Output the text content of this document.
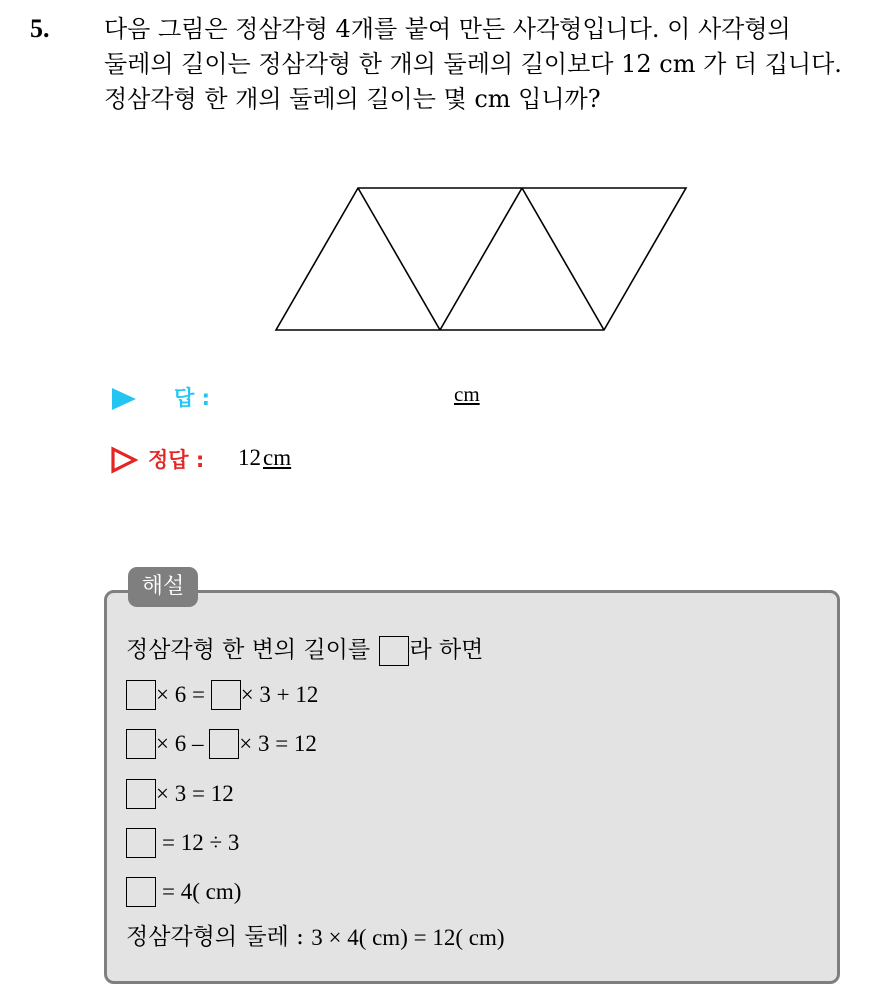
5. 다음 그림은 정삼각형 4개를 붙여 만든 사각형입니다. 이 사각형의
둘레의 길이는 정삼각형 한 개의 둘레의 길이보다 12 cm 가 더 깁니다.
정삼각형 한 개의 둘레의 길이는 몇 cm 입니까?
답 :	cm
정답 : 12cm
해설
정삼각형 한 변의 길이를 라 하면
× 6 = × 3 + 12
× 6 – × 3 = 12
× 3 = 12
= 12 ÷ 3
= 4( cm)
정삼각형의 둘레 : 3 × 4( cm) = 12( cm)
